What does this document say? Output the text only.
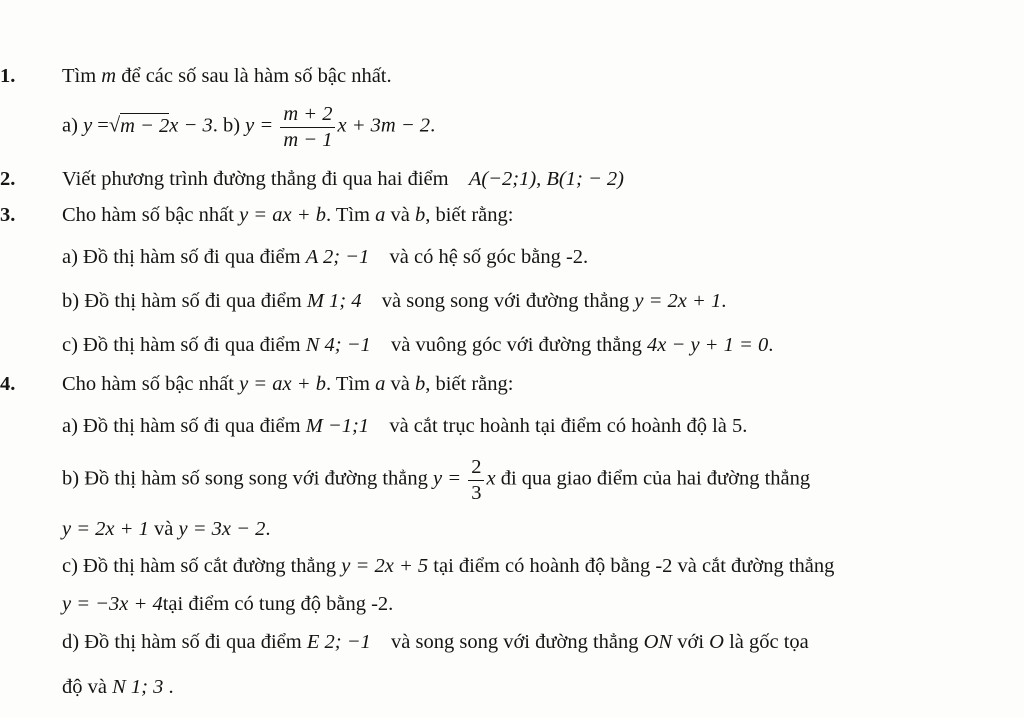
1. Tìm m để các số sau là hàm số bậc nhất.
a) y =√m − 2x − 3. b) $y = \frac{m + 2}{m - 1}$ x + 3m − 2.
2. Viết phương trình đường thẳng đi qua hai điểm A(−2;1), B(1; − 2)
3. Cho hàm số bậc nhất y = ax + b. Tìm a và b, biết rằng:
a) Đồ thị hàm số đi qua điểm A 2; −1 và có hệ số góc bằng -2.
b) Đồ thị hàm số đi qua điểm M 1; 4 và song song với đường thẳng y = 2x + 1.
c) Đồ thị hàm số đi qua điểm N 4; −1 và vuông góc với đường thẳng 4x − y + 1 = 0.
4. Cho hàm số bậc nhất y = ax + b. Tìm a và b, biết rằng:
a) Đồ thị hàm số đi qua điểm M −1;1 và cắt trục hoành tại điểm có hoành độ là 5.
b) Đồ thị hàm số song song với đường thẳng $y = \frac{2}{3}$ x đi qua giao điểm của hai đường thẳng
y = 2x + 1 và y = 3x − 2.
c) Đồ thị hàm số cắt đường thẳng y = 2x + 5 tại điểm có hoành độ bằng -2 và cắt đường thẳng
y = −3x + 4tại điểm có tung độ bằng -2.
d) Đồ thị hàm số đi qua điểm E 2; −1 và song song với đường thẳng ON với O là gốc tọa
độ và N 1; 3 .
